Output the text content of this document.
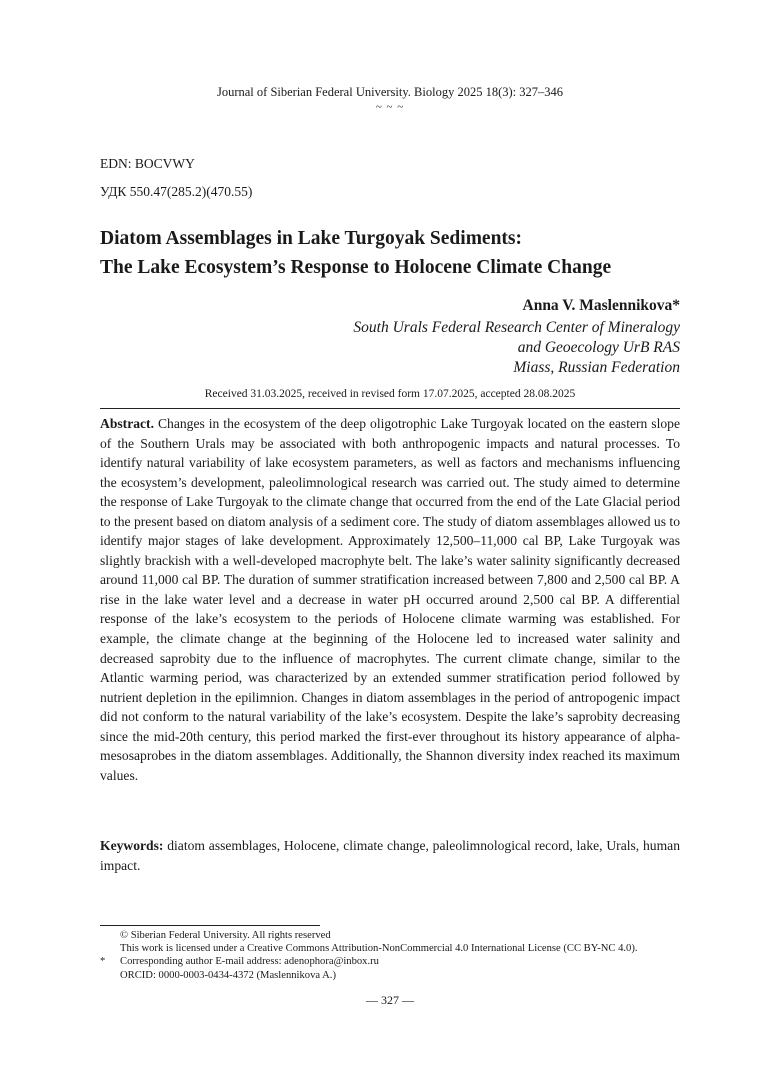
Journal of Siberian Federal University. Biology 2025 18(3): 327–346
~ ~ ~
EDN: BOCVWY
УДК 550.47(285.2)(470.55)
Diatom Assemblages in Lake Turgoyak Sediments:
The Lake Ecosystem’s Response to Holocene Climate Change
Anna V. Maslennikova*
South Urals Federal Research Center of Mineralogy
and Geoecology UrB RAS
Miass, Russian Federation
Received 31.03.2025, received in revised form 17.07.2025, accepted 28.08.2025
Abstract. Changes in the ecosystem of the deep oligotrophic Lake Turgoyak located on the eastern slope of the Southern Urals may be associated with both anthropogenic impacts and natural processes. To identify natural variability of lake ecosystem parameters, as well as factors and mechanisms influencing the ecosystem’s development, paleolimnological research was carried out. The study aimed to determine the response of Lake Turgoyak to the climate change that occurred from the end of the Late Glacial period to the present based on diatom analysis of a sediment core. The study of diatom assemblages allowed us to identify major stages of lake development. Approximately 12,500–11,000 cal BP, Lake Turgoyak was slightly brackish with a well-developed macrophyte belt. The lake’s water salinity significantly decreased around 11,000 cal BP. The duration of summer stratification increased between 7,800 and 2,500 cal BP. A rise in the lake water level and a decrease in water pH occurred around 2,500 cal BP. A differential response of the lake’s ecosystem to the periods of Holocene climate warming was established. For example, the climate change at the beginning of the Holocene led to increased water salinity and decreased saprobity due to the influence of macrophytes. The current climate change, similar to the Atlantic warming period, was characterized by an extended summer stratification period followed by nutrient depletion in the epilimnion. Changes in diatom assemblages in the period of antropogenic impact did not conform to the natural variability of the lake’s ecosystem. Despite the lake’s saprobity decreasing since the mid-20th century, this period marked the first-ever throughout its history appearance of alpha-mesosaprobes in the diatom assemblages. Additionally, the Shannon diversity index reached its maximum values.
Keywords: diatom assemblages, Holocene, climate change, paleolimnological record, lake, Urals, human impact.
© Siberian Federal University. All rights reserved
This work is licensed under a Creative Commons Attribution-NonCommercial 4.0 International License (CC BY-NC 4.0).
* Corresponding author E-mail address: adenophora@inbox.ru
ORCID: 0000-0003-0434-4372 (Maslennikova A.)
— 327 —
